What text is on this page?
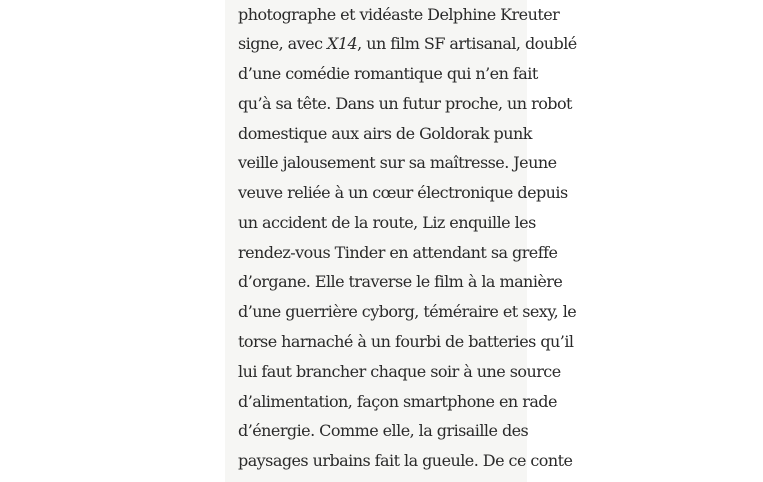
photographe et vidéaste Delphine Kreuter
signe, avec X14, un film SF artisanal, doublé
d’une comédie romantique qui n’en fait
qu’à sa tête. Dans un futur proche, un robot
domestique aux airs de Goldorak punk
veille jalousement sur sa maîtresse. Jeune
veuve reliée à un cœur électronique depuis
un accident de la route, Liz enquille les
rendez-vous Tinder en attendant sa greffe
d’organe. Elle traverse le film à la manière
d’une guerrière cyborg, téméraire et sexy, le
torse harnaché à un fourbi de batteries qu’il
lui faut brancher chaque soir à une source
d’alimentation, façon smartphone en rade
d’énergie. Comme elle, la grisaille des
paysages urbains fait la gueule. De ce conte
